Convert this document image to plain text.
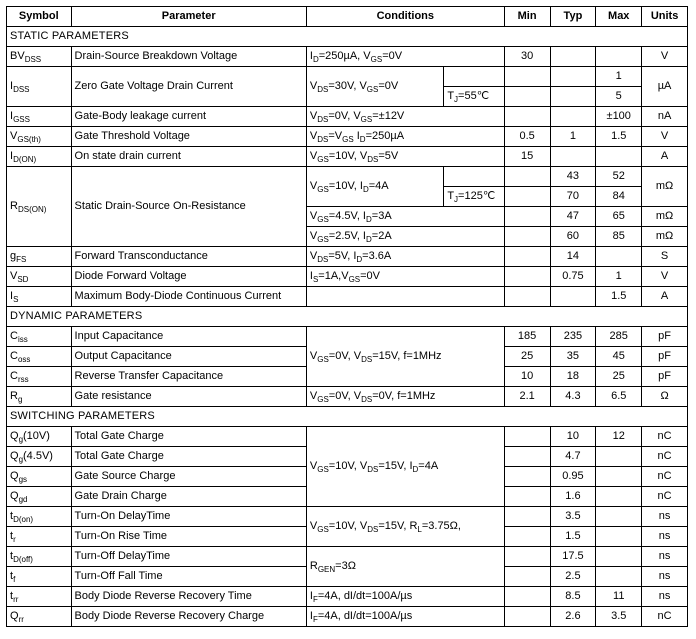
Symbol	Parameter	Conditions		Min	Typ	Max	Units
STATIC PARAMETERS							
$BV_{DSS}$	Drain-Source Breakdown Voltage	$I_D=250\mu A$, $V_{GS}=0V$		30			V
$I_{DSS}$	Zero Gate Voltage Drain Current	$V_{DS}=30V$, $V_{GS}=0V$				1	µA
			$T_J=55℃$			5	
$I_{GSS}$	Gate-Body leakage current	$V_{DS}=0V$, $V_{GS}=\pm 12V$				±100	nA
$V_{GS(th)}$	Gate Threshold Voltage	$V_{DS}=V_{GS}$ $I_D=250\mu A$		0.5	1	1.5	V
$I_{D(ON)}$	On state drain current	$V_{GS}=10V$, $V_{DS}=5V$		15			A
$R_{DS(ON)}$	Static Drain-Source On-Resistance	$V_{GS}=10V$, $I_D=4A$			43	52	mΩ
			$T_J=125℃$		70	84	
		$V_{GS}=4.5V$, $I_D=3A$			47	65	mΩ
		$V_{GS}=2.5V$, $I_D=2A$			60	85	mΩ
$g_{FS}$	Forward Transconductance	$V_{DS}=5V$, $I_D=3.6A$			14		S
$V_{SD}$	Diode Forward Voltage	$I_S=1A,V_{GS}=0V$			0.75	1	V
$I_S$	Maximum Body-Diode Continuous Current					1.5	A
DYNAMIC PARAMETERS							
$C_{iss}$	Input Capacitance	$V_{GS}=0V$, $V_{DS}=15V$, f=1MHz		185	235	285	pF
$C_{oss}$	Output Capacitance			25	35	45	pF
$C_{rss}$	Reverse Transfer Capacitance			10	18	25	pF
$R_g$	Gate resistance	$V_{GS}=0V$, $V_{DS}=0V$, f=1MHz		2.1	4.3	6.5	Ω
SWITCHING PARAMETERS							
$Q_g(10V)$	Total Gate Charge	$V_{GS}=10V$, $V_{DS}=15V$, $I_D=4A$			10	12	nC
$Q_g(4.5V)$	Total Gate Charge				4.7		nC
$Q_{gs}$	Gate Source Charge				0.95		nC
$Q_{gd}$	Gate Drain Charge				1.6		nC
$t_{D(on)}$	Turn-On DelayTime	$V_{GS}=10V$, $V_{DS}=15V$, $R_L=3.75\Omega$,			3.5		ns
$t_r$	Turn-On Rise Time				1.5		ns
$t_{D(off)}$	Turn-Off DelayTime	$R_{GEN}=3\Omega$			17.5		ns
$t_f$	Turn-Off Fall Time				2.5		ns
$t_{rr}$	Body Diode Reverse Recovery Time	$I_F=4A$, dI/dt=100A/µs			8.5	11	ns
$Q_{rr}$	Body Diode Reverse Recovery Charge	$I_F=4A$, dI/dt=100A/µs			2.6	3.5	nC
